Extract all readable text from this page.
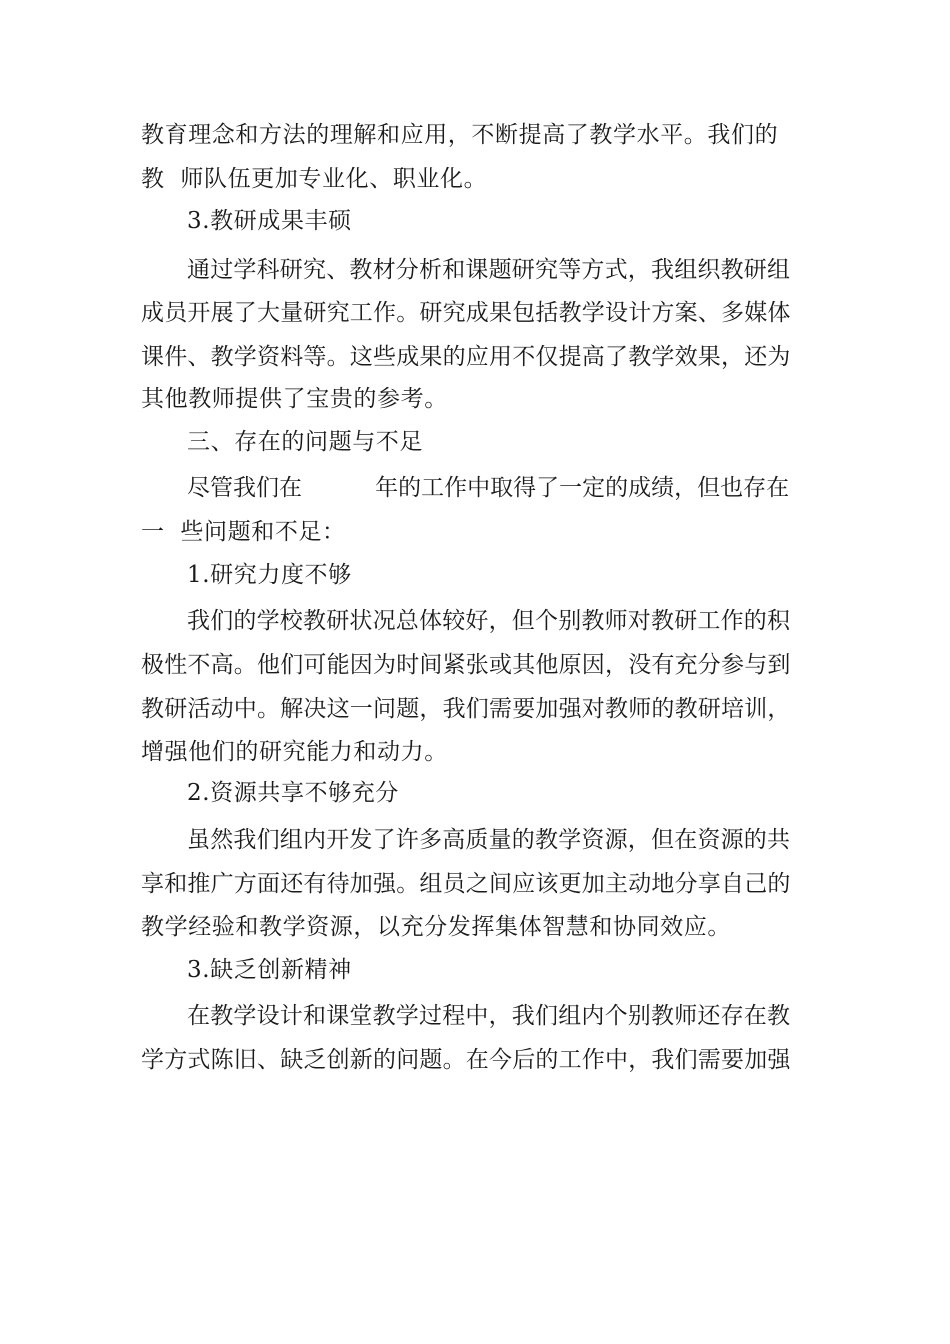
教育理念和方法的理解和应用，不断提高了教学水平。我们的
教  师队伍更加专业化、职业化。
3.教研成果丰硕
通过学科研究、教材分析和课题研究等方式，我组织教研组
成员开展了大量研究工作。研究成果包括教学设计方案、多媒体
课件、教学资料等。这些成果的应用不仅提高了教学效果，还为
其他教师提供了宝贵的参考。
三、存在的问题与不足
尽管我们在          年的工作中取得了一定的成绩，但也存在
一  些问题和不足：
1.研究力度不够
我们的学校教研状况总体较好，但个别教师对教研工作的积
极性不高。他们可能因为时间紧张或其他原因，没有充分参与到
教研活动中。解决这一问题，我们需要加强对教师的教研培训，
增强他们的研究能力和动力。
2.资源共享不够充分
虽然我们组内开发了许多高质量的教学资源，但在资源的共
享和推广方面还有待加强。组员之间应该更加主动地分享自己的
教学经验和教学资源，以充分发挥集体智慧和协同效应。
3.缺乏创新精神
在教学设计和课堂教学过程中，我们组内个别教师还存在教
学方式陈旧、缺乏创新的问题。在今后的工作中，我们需要加强
